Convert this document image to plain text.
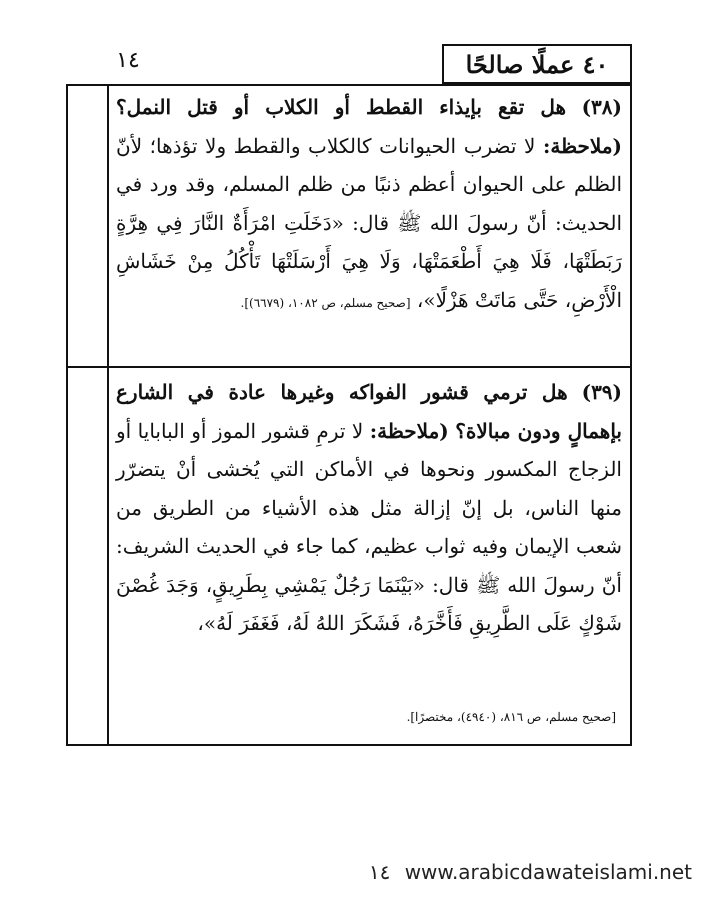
٤٠ عملًا صالحًا
١٤

(٣٨) هل تقع بإيذاء القطط أو الكلاب أو قتل النمل؟ (ملاحظة: لا تضرب الحيوانات كالكلاب والقطط ولا تؤذها؛ لأنّ الظلم على الحيوان أعظم ذنبًا من ظلم المسلم، وقد ورد في الحديث: أنّ رسولَ الله ﷺ قال: «دَخَلَتِ امْرَأَةٌ النَّارَ فِي هِرَّةٍ رَبَطَتْهَا، فَلَا هِيَ أَطْعَمَتْهَا، وَلَا هِيَ أَرْسَلَتْهَا تَأْكُلُ مِنْ خَشَاشِ الْأَرْضِ، حَتَّى مَاتَتْ هَزْلًا»، [صحيح مسلم، ص ١٠٨٢، (٦٦٧٩)].

(٣٩) هل ترمي قشور الفواكه وغيرها عادة في الشارع بإهمالٍ ودون مبالاة؟ (ملاحظة: لا ترمِ قشور الموز أو البابايا أو الزجاج المكسور ونحوها في الأماكن التي يُخشى أنْ يتضرّر منها الناس، بل إنّ إزالة مثل هذه الأشياء من الطريق من شعب الإيمان وفيه ثواب عظيم، كما جاء في الحديث الشريف: أنّ رسولَ الله ﷺ قال: «بَيْنَمَا رَجُلٌ يَمْشِي بِطَرِيقٍ، وَجَدَ غُصْنَ شَوْكٍ عَلَى الطَّرِيقِ فَأَخَّرَهُ، فَشَكَرَ اللهُ لَهُ، فَغَفَرَ لَهُ»،

[صحيح مسلم، ص ٨١٦، (٤٩٤٠)، مختصرًا].
١٤ www.arabicdawateislami.net
